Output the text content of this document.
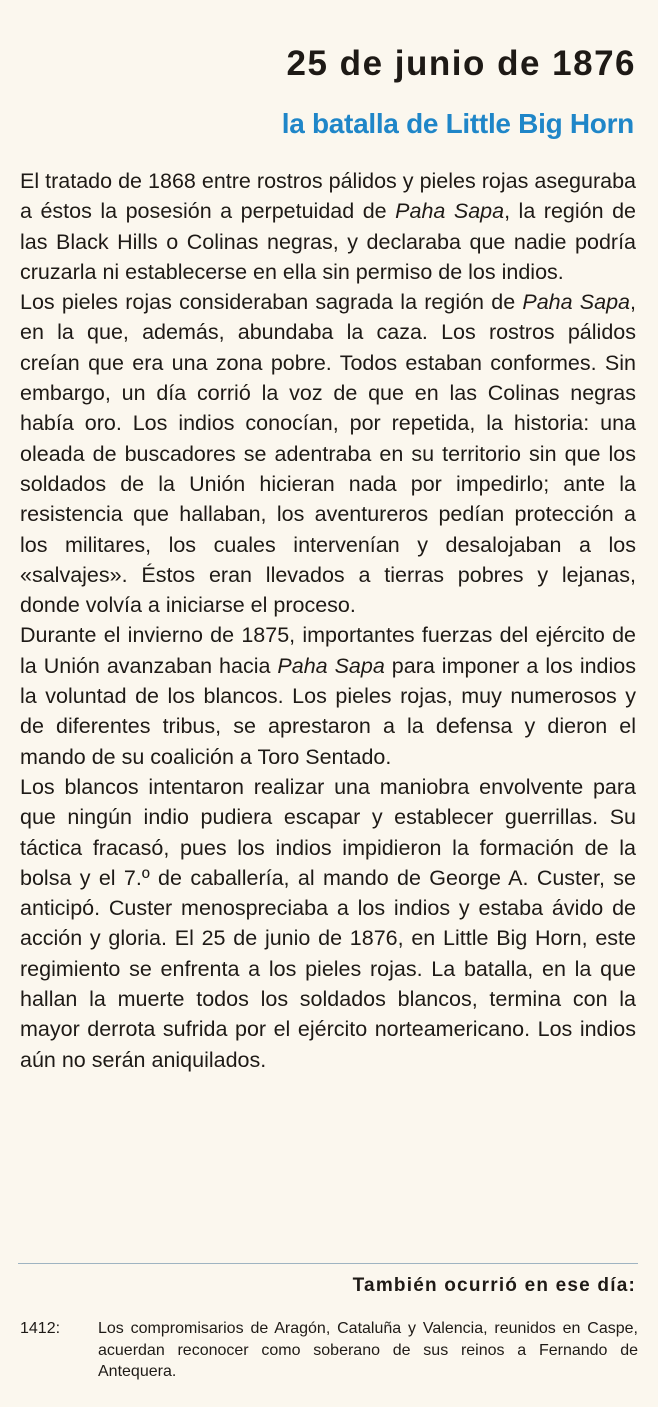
25 de junio de 1876
la batalla de Little Big Horn

El tratado de 1868 entre rostros pálidos y pieles rojas aseguraba a éstos la posesión a perpetuidad de Paha Sapa, la región de las Black Hills o Colinas negras, y declaraba que nadie podría cruzarla ni establecerse en ella sin permiso de los indios.

Los pieles rojas consideraban sagrada la región de Paha Sapa, en la que, además, abundaba la caza. Los rostros pálidos creían que era una zona pobre. Todos estaban conformes. Sin embargo, un día corrió la voz de que en las Colinas negras había oro. Los indios conocían, por repetida, la historia: una oleada de buscadores se adentraba en su territorio sin que los soldados de la Unión hicieran nada por impedirlo; ante la resistencia que hallaban, los aventureros pedían protección a los militares, los cuales intervenían y desalojaban a los «salvajes». Éstos eran llevados a tierras pobres y lejanas, donde volvía a iniciarse el proceso.

Durante el invierno de 1875, importantes fuerzas del ejército de la Unión avanzaban hacia Paha Sapa para imponer a los indios la voluntad de los blancos. Los pieles rojas, muy numerosos y de diferentes tribus, se aprestaron a la defensa y dieron el mando de su coalición a Toro Sentado.

Los blancos intentaron realizar una maniobra envolvente para que ningún indio pudiera escapar y establecer guerrillas. Su táctica fracasó, pues los indios impidieron la formación de la bolsa y el 7.º de caballería, al mando de George A. Custer, se anticipó. Custer menospreciaba a los indios y estaba ávido de acción y gloria. El 25 de junio de 1876, en Little Big Horn, este regimiento se enfrenta a los pieles rojas. La batalla, en la que hallan la muerte todos los soldados blancos, termina con la mayor derrota sufrida por el ejército norteamericano. Los indios aún no serán aniquilados.

También ocurrió en ese día:
1412:	Los compromisarios de Aragón, Cataluña y Valencia, reunidos en Caspe, acuerdan reconocer como soberano de sus reinos a Fernando de Antequera.
